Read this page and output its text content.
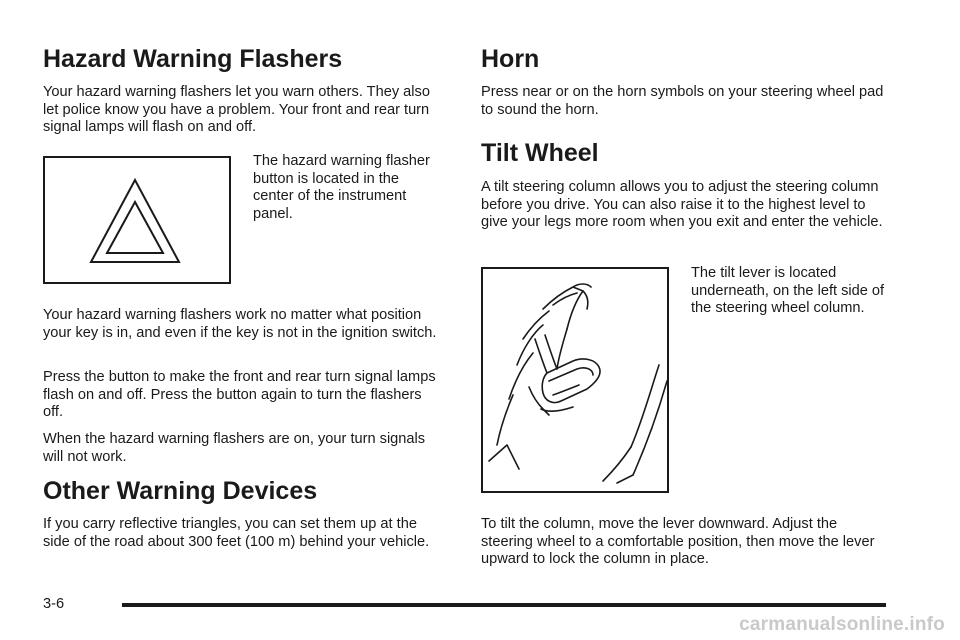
Hazard Warning Flashers

Your hazard warning flashers let you warn others. They also let police know you have a problem. Your front and rear turn signal lamps will flash on and off.

The hazard warning flasher button is located in the center of the instrument panel.

Your hazard warning flashers work no matter what position your key is in, and even if the key is not in the ignition switch.

Press the button to make the front and rear turn signal lamps flash on and off. Press the button again to turn the flashers off.

When the hazard warning flashers are on, your turn signals will not work.

Other Warning Devices

If you carry reflective triangles, you can set them up at the side of the road about 300 feet (100 m) behind your vehicle.

Horn

Press near or on the horn symbols on your steering wheel pad to sound the horn.

Tilt Wheel

A tilt steering column allows you to adjust the steering column before you drive. You can also raise it to the highest level to give your legs more room when you exit and enter the vehicle.

The tilt lever is located underneath, on the left side of the steering wheel column.

To tilt the column, move the lever downward. Adjust the steering wheel to a comfortable position, then move the lever upward to lock the column in place.

3-6
carmanualsonline.info
